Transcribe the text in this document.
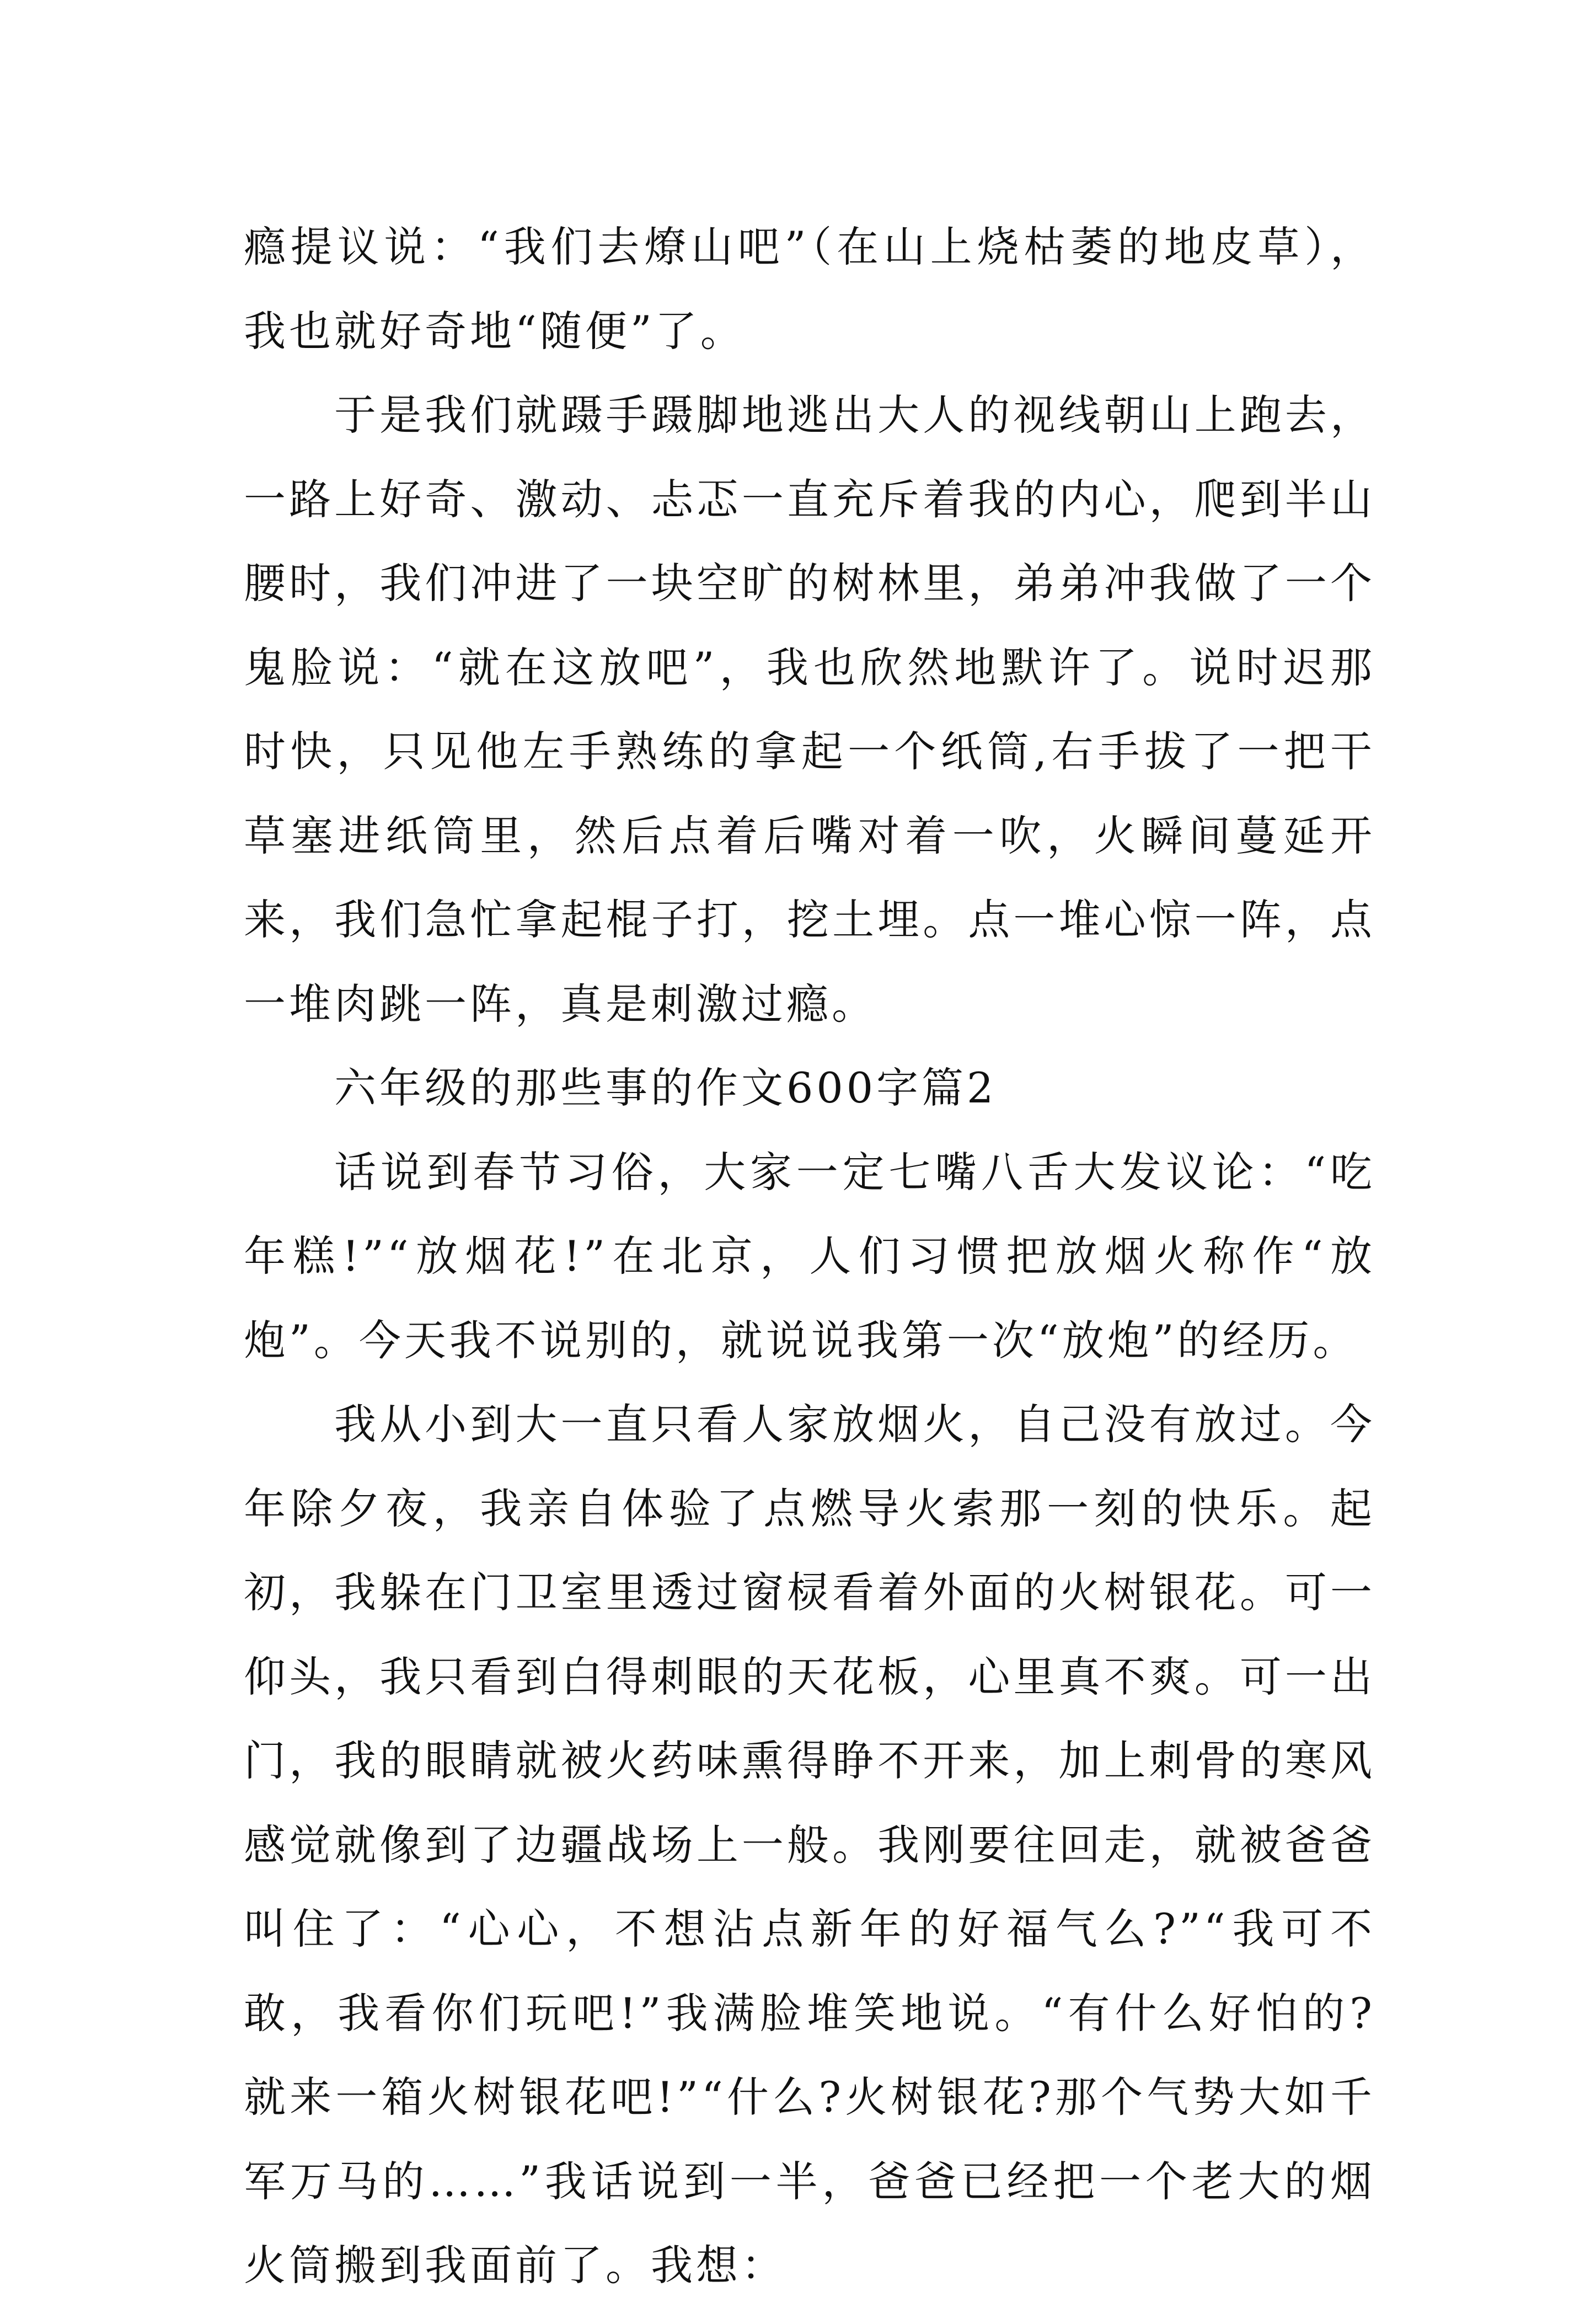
瘾提议说：“我们去燎山吧”（在山上烧枯萎的地皮草），我也就好奇地“随便”了。

于是我们就蹑手蹑脚地逃出大人的视线朝山上跑去，一路上好奇、激动、忐忑一直充斥着我的内心，爬到半山腰时，我们冲进了一块空旷的树林里，弟弟冲我做了一个鬼脸说：“就在这放吧”，我也欣然地默许了。说时迟那时快，只见他左手熟练的拿起一个纸筒,右手拔了一把干草塞进纸筒里，然后点着后嘴对着一吹，火瞬间蔓延开来，我们急忙拿起棍子打，挖土埋。点一堆心惊一阵，点一堆肉跳一阵，真是刺激过瘾。

六年级的那些事的作文600字篇2

话说到春节习俗，大家一定七嘴八舌大发议论：“吃年糕!”“放烟花!”在北京，人们习惯把放烟火称作“放炮”。今天我不说别的，就说说我第一次“放炮”的经历。

我从小到大一直只看人家放烟火，自己没有放过。今年除夕夜，我亲自体验了点燃导火索那一刻的快乐。起初，我躲在门卫室里透过窗棂看着外面的火树银花。可一仰头，我只看到白得刺眼的天花板，心里真不爽。可一出门，我的眼睛就被火药味熏得睁不开来，加上刺骨的寒风感觉就像到了边疆战场上一般。我刚要往回走，就被爸爸叫住了：“心心，不想沾点新年的好福气么?”“我可不敢，我看你们玩吧!”我满脸堆笑地说。“有什么好怕的?就来一箱火树银花吧!”“什么?火树银花?那个气势大如千军万马的……”我话说到一半，爸爸已经把一个老大的烟火筒搬到我面前了。我想：
